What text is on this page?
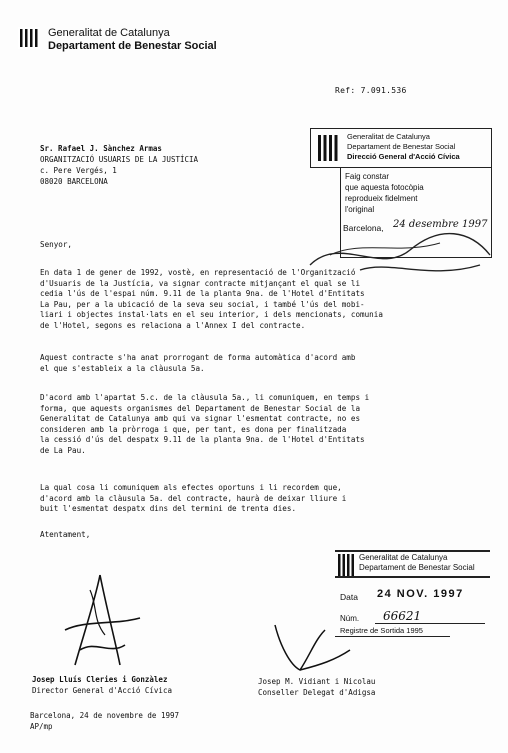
Generalitat de Catalunya
Departament de Benestar Social
Ref: 7.091.536
Sr. Rafael J. Sànchez Armas
ORGANITZACIÓ USUARIS DE LA JUSTÍCIA
c. Pere Vergés, 1
08020 BARCELONA
Generalitat de Catalunya
Departament de Benestar Social
Direcció General d'Acció Cívica
Faig constar
que aquesta fotocòpia
reprodueix fidelment
l'original
Barcelona, 24 desembre 1997
Senyor,
En data 1 de gener de 1992, vostè, en representació de l'Organització
d'Usuaris de la Justícia, va signar contracte mitjançant el qual se li
cedia l'ús de l'espai núm. 9.11 de la planta 9na. de l'Hotel d'Entitats
La Pau, per a la ubicació de la seva seu social, i també l'ús del mobi-
liari i objectes instal·lats en el seu interior, i dels mencionats, comunia
de l'Hotel, segons es relaciona a l'Annex I del contracte.
Aquest contracte s'ha anat prorrogant de forma automàtica d'acord amb
el que s'estableix a la clàusula 5a.
D'acord amb l'apartat 5.c. de la clàusula 5a., li comuniquem, en temps i
forma, que aquests organismes del Departament de Benestar Social de la
Generalitat de Catalunya amb qui va signar l'esmentat contracte, no es
consideren amb la pròrroga i que, per tant, es dona per finalitzada
la cessió d'ús del despatx 9.11 de la planta 9na. de l'Hotel d'Entitats
de La Pau.
La qual cosa li comuniquem als efectes oportuns i li recordem que,
d'acord amb la clàusula 5a. del contracte, haurà de deixar lliure i
buit l'esmentat despatx dins del termini de trenta dies.
Atentament,
Generalitat de Catalunya
Departament de Benestar Social
Data 24 NOV. 1997
Núm. 66621
Registre de Sortida 1995
Josep Lluís Cleries i Gonzàlez
Director General d'Acció Cívica
Josep M. Vidiant i Nicolau
Conseller Delegat d'Adigsa
Barcelona, 24 de novembre de 1997
AP/mp
